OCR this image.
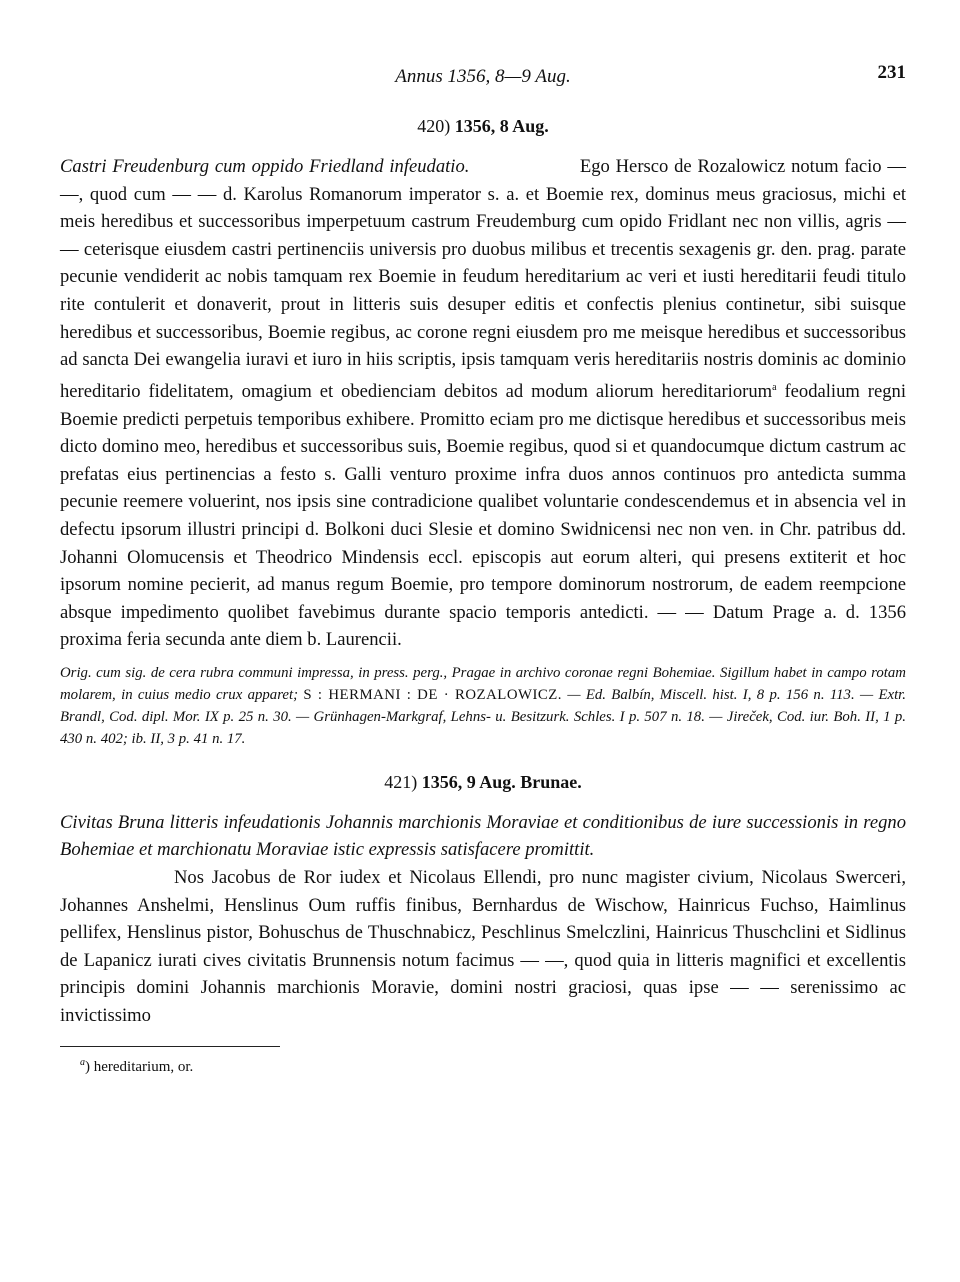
Annus 1356, 8—9 Aug.	231
420) 1356, 8 Aug.

Castri Freudenburg cum oppido Friedland infeudatio.      	Ego Hersco de Rozalowicz notum facio — —, quod cum — — d. Karolus Romanorum imperator s. a. et Boemie rex, dominus meus graciosus, michi et meis heredibus et successoribus imperpetuum castrum Freudemburg cum opido Fridlant nec non villis, agris — — ceterisque eiusdem castri pertinenciis universis pro duobus milibus et trecentis sexagenis gr. den. prag. parate pecunie vendiderit ac nobis tamquam rex Boemie in feudum hereditarium ac veri et iusti hereditarii feudi titulo rite contulerit et donaverit, prout in litteris suis desuper editis et confectis plenius continetur, sibi suisque heredibus et successoribus, Boemie regibus, ac corone regni eiusdem pro me meisque heredibus et successoribus ad sancta Dei ewangelia iuravi et iuro in hiis scriptis, ipsis tamquam veris hereditariis nostris dominis ac dominio hereditario fidelitatem, omagium et obedienciam debitos ad modum aliorum hereditariorum$^a$ feodalium regni Boemie predicti perpetuis temporibus exhibere. Promitto eciam pro me dictisque heredibus et successoribus meis dicto domino meo, heredibus et successoribus suis, Boemie regibus, quod si et quandocumque dictum castrum ac prefatas eius pertinencias a festo s. Galli venturo proxime infra duos annos continuos pro antedicta summa pecunie reemere voluerint, nos ipsis sine contradicione qualibet voluntarie condescendemus et in absencia vel in defectu ipsorum illustri principi d. Bolkoni duci Slesie et domino Swidnicensi nec non ven. in Chr. patribus dd. Johanni Olomucensis et Theodrico Mindensis eccl. episcopis aut eorum alteri, qui presens extiterit et hoc ipsorum nomine pecierit, ad manus regum Boemie, pro tempore dominorum nostrorum, de eadem reempcione absque impedimento quolibet favebimus durante spacio temporis antedicti. — — Datum Prage a. d. 1356 proxima feria secunda ante diem b. Laurencii.

Orig. cum sig. de cera rubra communi impressa, in press. perg., Pragae in archivo coronae regni Bohemiae. Sigillum habet in campo rotam molarem, in cuius medio crux apparet; S : HERMANI : DE · ROZALOWICZ. — Ed. Balbín, Miscell. hist. I, 8 p. 156 n. 113. — Extr. Brandl, Cod. dipl. Mor. IX p. 25 n. 30. — Grünhagen-Markgraf, Lehns- u. Besitzurk. Schles. I p. 507 n. 18. — Jireček, Cod. iur. Boh. II, 1 p. 430 n. 402; ib. II, 3 p. 41 n. 17.

421) 1356, 9 Aug. Brunae.

Civitas Bruna litteris infeudationis Johannis marchionis Moraviae et conditionibus de iure successionis in regno Bohemiae et marchionatu Moraviae istic expressis satisfacere promittit.

Nos Jacobus de Ror iudex et Nicolaus Ellendi, pro nunc magister civium, Nicolaus Swerceri, Johannes Anshelmi, Henslinus Oum ruffis finibus, Bernhardus de Wischow, Hainricus Fuchso, Haimlinus pellifex, Henslinus pistor, Bohuschus de Thuschnabicz, Peschlinus Smelczlini, Hainricus Thuschclini et Sidlinus de Lapanicz iurati cives civitatis Brunnensis notum facimus — —, quod quia in litteris magnifici et excellentis principis domini Johannis marchionis Moravie, domini nostri graciosi, quas ipse — — serenissimo ac invictissimo

$^a$) hereditarium, or.
